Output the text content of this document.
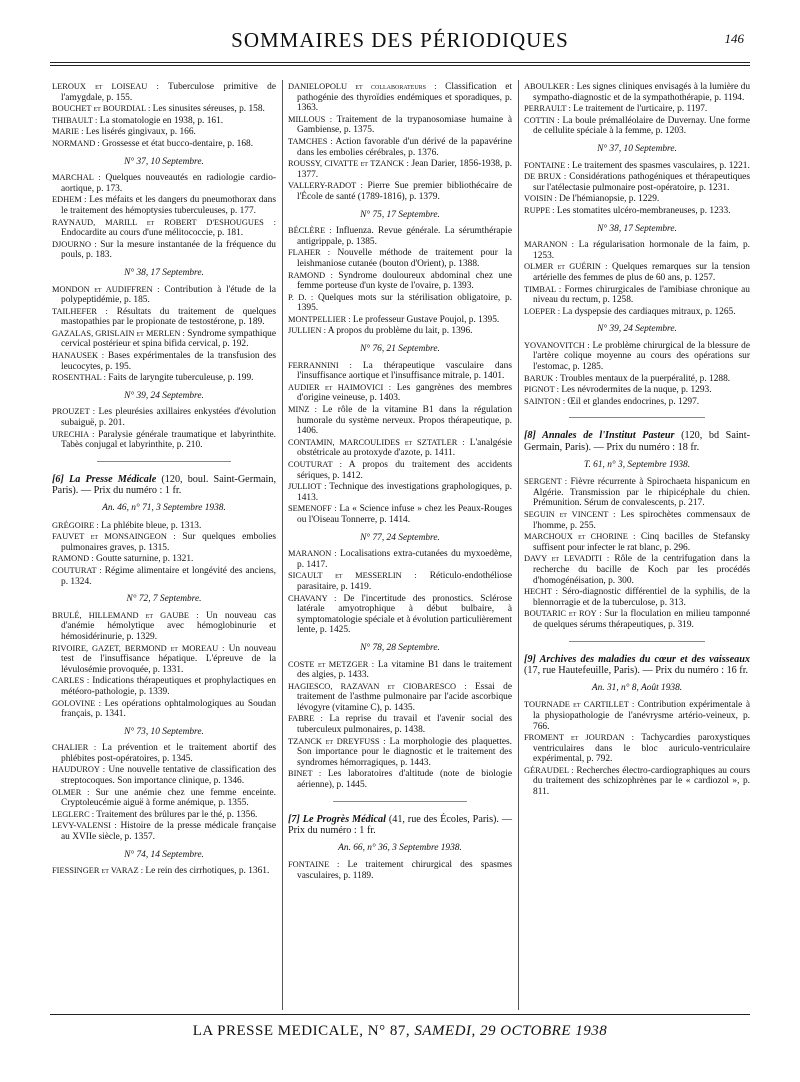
SOMMAIRES DES PÉRIODIQUES	146

LEROUX et LOISEAU : Tuberculose primitive de l'amygdale, p. 155.

BOUCHET et BOURDIAL : Les sinusites séreuses, p. 158.

THIBAULT : La stomatologie en 1938, p. 161.

MARIE : Les lisérés gingivaux, p. 166.

NORMAND : Grossesse et état bucco-dentaire, p. 168.

N° 37, 10 Septembre.

MARCHAL : Quelques nouveautés en radiologie cardio-aortique, p. 173.

EDHEM : Les méfaits et les dangers du pneumothorax dans le traitement des hémoptysies tuberculeuses, p. 177.

RAYNAUD, MARILL et ROBERT D'ESHOUGUES : Endocardite au cours d'une mélitococcie, p. 181.

DJOURNO : Sur la mesure instantanée de la fréquence du pouls, p. 183.

N° 38, 17 Septembre.

MONDON et AUDIFFREN : Contribution à l'étude de la polypeptidémie, p. 185.

TAILHEFER : Résultats du traitement de quelques mastopathies par le propionate de testostérone, p. 189.

GAZALAS, GRISLAIN et MERLEN : Syndrome sympathique cervical postérieur et spina bifida cervical, p. 192.

HANAUSEK : Bases expérimentales de la transfusion des leucocytes, p. 195.

ROSENTHAL : Faits de laryngite tuberculeuse, p. 199.

N° 39, 24 Septembre.

PROUZET : Les pleurésies axillaires enkystées d'évolution subaiguë, p. 201.

URECHIA : Paralysie générale traumatique et labyrinthite. Tabès conjugal et labyrinthite, p. 210.

[6] La Presse Médicale (120, boul. Saint-Germain, Paris). — Prix du numéro : 1 fr.
An. 46, n° 71, 3 Septembre 1938.

GRÉGOIRE : La phlébite bleue, p. 1313.

FAUVET et MONSAINGEON : Sur quelques embolies pulmonaires graves, p. 1315.

RAMOND : Goutte saturnine, p. 1321.

COUTURAT : Régime alimentaire et longévité des anciens, p. 1324.

N° 72, 7 Septembre.

BRULÉ, HILLEMAND et GAUBE : Un nouveau cas d'anémie hémolytique avec hémoglobinurie et hémosidérinurie, p. 1329.

RIVOIRE, GAZET, BERMOND et MOREAU : Un nouveau test de l'insuffisance hépatique. L'épreuve de la lévulosémie provoquée, p. 1331.

CARLES : Indications thérapeutiques et prophylactiques en météoro-pathologie, p. 1339.

GOLOVINE : Les opérations ophtalmologiques au Soudan français, p. 1341.

N° 73, 10 Septembre.

CHALIER : La prévention et le traitement abortif des phlébites post-opératoires, p. 1345.

HAUDUROY : Une nouvelle tentative de classification des streptocoques. Son importance clinique, p. 1346.

OLMER : Sur une anémie chez une femme enceinte. Cryptoleucémie aiguë à forme anémique, p. 1355.

LEGLERC : Traitement des brûlures par le thé, p. 1356.

LEVY-VALENSI : Histoire de la presse médicale française au XVIIe siècle, p. 1357.

N° 74, 14 Septembre.

FIESSINGER et VARAZ : Le rein des cirrhotiques, p. 1361.

DANIELOPOLU et collaborateurs : Classification et pathogénie des thyroïdies endémiques et sporadiques, p. 1363.

MILLOUS : Traitement de la trypanosomiase humaine à Gambiense, p. 1375.

TAMCHES : Action favorable d'un dérivé de la papavérine dans les embolies cérébrales, p. 1376.

ROUSSY, CIVATTE et TZANCK : Jean Darier, 1856-1938, p. 1377.

VALLERY-RADOT : Pierre Sue premier bibliothécaire de l'École de santé (1789-1816), p. 1379.

N° 75, 17 Septembre.

BÉCLÈRE : Influenza. Revue générale. La sérumthérapie antigrippale, p. 1385.

FLAHER : Nouvelle méthode de traitement pour la leishmaniose cutanée (bouton d'Orient), p. 1388.

RAMOND : Syndrome douloureux abdominal chez une femme porteuse d'un kyste de l'ovaire, p. 1393.

P. D. : Quelques mots sur la stérilisation obligatoire, p. 1395.

MONTPELLIER : Le professeur Gustave Poujol, p. 1395.

JULLIEN : A propos du problème du lait, p. 1396.

N° 76, 21 Septembre.

FERRANNINI : La thérapeutique vasculaire dans l'insuffisance aortique et l'insuffisance mitrale, p. 1401.

AUDIER et HAIMOVICI : Les gangrènes des membres d'origine veineuse, p. 1403.

MINZ : Le rôle de la vitamine B1 dans la régulation humorale du système nerveux. Propos thérapeutique, p. 1406.

CONTAMIN, MARCOULIDES et SZTATLER : L'analgésie obstétricale au protoxyde d'azote, p. 1411.

COUTURAT : A propos du traitement des accidents sériques, p. 1412.

JULLIOT : Technique des investigations graphologiques, p. 1413.

SEMENOFF : La « Science infuse » chez les Peaux-Rouges ou l'Oiseau Tonnerre, p. 1414.

N° 77, 24 Septembre.

MARANON : Localisations extra-cutanées du myxoedème, p. 1417.

SICAULT et MESSERLIN : Réticulo-endothéliose parasitaire, p. 1419.

CHAVANY : De l'incertitude des pronostics. Sclérose latérale amyotrophique à début bulbaire, à symptomatologie spéciale et à évolution particulièrement lente, p. 1425.

N° 78, 28 Septembre.

COSTE et METZGER : La vitamine B1 dans le traitement des algies, p. 1433.

HAGIESCO, RAZAVAN et CIOBARESCO : Essai de traitement de l'asthme pulmonaire par l'acide ascorbique lévogyre (vitamine C), p. 1435.

FABRE : La reprise du travail et l'avenir social des tuberculeux pulmonaires, p. 1438.

TZANCK et DREYFUSS : La morphologie des plaquettes. Son importance pour le diagnostic et le traitement des syndromes hémorragiques, p. 1443.

BINET : Les laboratoires d'altitude (note de biologie aérienne), p. 1445.

[7] Le Progrès Médical (41, rue des Écoles, Paris). — Prix du numéro : 1 fr.
An. 66, n° 36, 3 Septembre 1938.

FONTAINE : Le traitement chirurgical des spasmes vasculaires, p. 1189.

ABOULKER : Les signes cliniques envisagés à la lumière du sympatho-diagnostic et de la sympathothérapie, p. 1194.

PERRAULT : Le traitement de l'urticaire, p. 1197.

COTTIN : La boule prémalléolaire de Duvernay. Une forme de cellulite spéciale à la femme, p. 1203.

N° 37, 10 Septembre.

FONTAINE : Le traitement des spasmes vasculaires, p. 1221.

DE BRUX : Considérations pathogéniques et thérapeutiques sur l'atélectasie pulmonaire post-opératoire, p. 1231.

VOISIN : De l'hémianopsie, p. 1229.

RUPPE : Les stomatites ulcéro-membraneuses, p. 1233.

N° 38, 17 Septembre.

MARANON : La régularisation hormonale de la faim, p. 1253.

OLMER et GUÉRIN : Quelques remarques sur la tension artérielle des femmes de plus de 60 ans, p. 1257.

TIMBAL : Formes chirurgicales de l'amibiase chronique au niveau du rectum, p. 1258.

LOEPER : La dyspepsie des cardiaques mitraux, p. 1265.

N° 39, 24 Septembre.

YOVANOVITCH : Le problème chirurgical de la blessure de l'artère colique moyenne au cours des opérations sur l'estomac, p. 1285.

BARUK : Troubles mentaux de la puerpéralité, p. 1288.

PIGNOT : Les névrodermites de la nuque, p. 1293.

SAINTON : Œil et glandes endocrines, p. 1297.

[8] Annales de l'Institut Pasteur (120, bd Saint-Germain, Paris). — Prix du numéro : 18 fr.
T. 61, n° 3, Septembre 1938.

SERGENT : Fièvre récurrente à Spirochaeta hispanicum en Algérie. Transmission par le rhipicéphale du chien. Prémunition. Sérum de convalescents, p. 217.

SEGUIN et VINCENT : Les spirochètes commensaux de l'homme, p. 255.

MARCHOUX et CHORINE : Cinq bacilles de Stefansky suffisent pour infecter le rat blanc, p. 296.

DAVY et LEVADITI : Rôle de la centrifugation dans la recherche du bacille de Koch par les procédés d'homogénéisation, p. 300.

HECHT : Séro-diagnostic différentiel de la syphilis, de la blennorragie et de la tuberculose, p. 313.

BOUTARIC et ROY : Sur la floculation en milieu tamponné de quelques sérums thérapeutiques, p. 319.

[9] Archives des maladies du cœur et des vaisseaux (17, rue Hautefeuille, Paris). — Prix du numéro : 16 fr.
An. 31, n° 8, Août 1938.

TOURNADE et CARTILLET : Contribution expérimentale à la physiopathologie de l'anévrysme artério-veineux, p. 766.

FROMENT et JOURDAN : Tachycardies paroxystiques ventriculaires dans le bloc auriculo-ventriculaire expérimental, p. 792.

GÉRAUDEL : Recherches électro-cardiographiques au cours du traitement des schizophrènes par le « cardiozol », p. 811.

LA PRESSE MEDICALE, N° 87, SAMEDI, 29 OCTOBRE 1938
